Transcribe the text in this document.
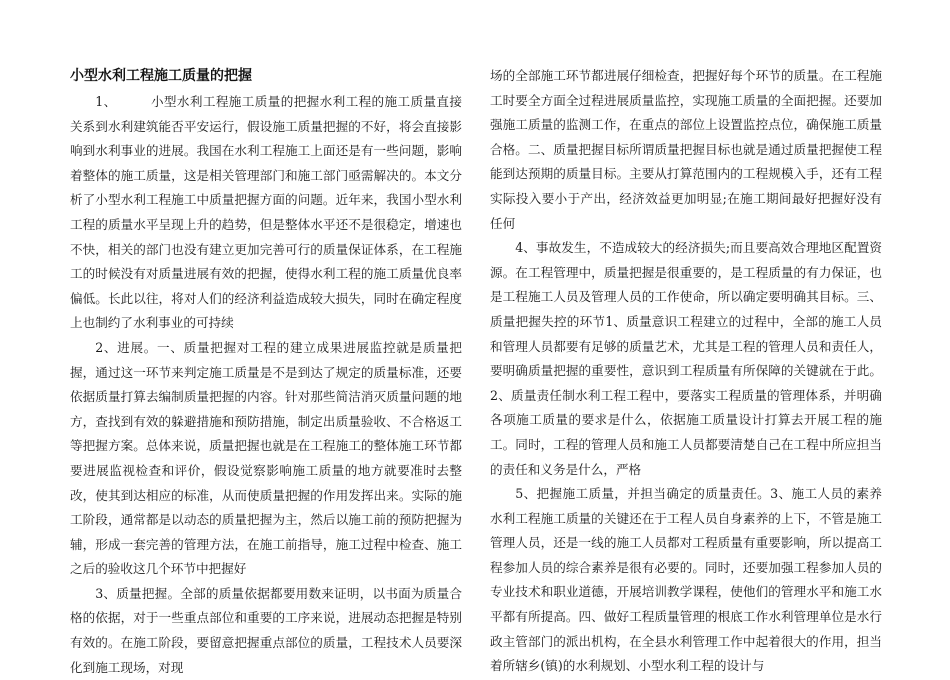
小型水利工程施工质量的把握

1、	小型水利工程施工质量的把握水利工程的施工质量直接关系到水利建筑能否平安运行，假设施工质量把握的不好，将会直接影响到水利事业的进展。我国在水利工程施工上面还是有一些问题，影响着整体的施工质量，这是相关管理部门和施工部门亟需解决的。本文分析了小型水利工程施工中质量把握方面的问题。近年来，我国小型水利工程的质量水平呈现上升的趋势，但是整体水平还不是很稳定，增速也不快，相关的部门也没有建立更加完善可行的质量保证体系，在工程施工的时候没有对质量进展有效的把握，使得水利工程的施工质量优良率偏低。长此以往，将对人们的经济利益造成较大损失，同时在确定程度上也制约了水利事业的可持续

2、进展。一、质量把握对工程的建立成果进展监控就是质量把握，通过这一环节来判定施工质量是不是到达了规定的质量标准，还要依据质量打算去编制质量把握的内容。针对那些简洁消灭质量问题的地方，查找到有效的躲避措施和预防措施，制定出质量验收、不合格返工等把握方案。总体来说，质量把握也就是在工程施工的整体施工环节都要进展监视检查和评价，假设觉察影响施工质量的地方就要准时去整改，使其到达相应的标准，从而使质量把握的作用发挥出来。实际的施工阶段，通常都是以动态的质量把握为主，然后以施工前的预防把握为辅，形成一套完善的管理方法，在施工前指导，施工过程中检查、施工之后的验收这几个环节中把握好

3、质量把握。全部的质量依据都要用数来证明，以书面为质量合格的依据，对于一些重点部位和重要的工序来说，进展动态把握是特别有效的。在施工阶段，要留意把握重点部位的质量，工程技术人员要深化到施工现场，对现

场的全部施工环节都进展仔细检查，把握好每个环节的质量。在工程施工时要全方面全过程进展质量监控，实现施工质量的全面把握。还要加强施工质量的监测工作，在重点的部位上设置监控点位，确保施工质量合格。二、质量把握目标所谓质量把握目标也就是通过质量把握使工程能到达预期的质量目标。主要从打算范围内的工程规模入手，还有工程实际投入要小于产出，经济效益更加明显;在施工期间最好把握好没有任何

4、事故发生，不造成较大的经济损失;而且要高效合理地区配置资源。在工程管理中，质量把握是很重要的，是工程质量的有力保证，也是工程施工人员及管理人员的工作使命，所以确定要明确其目标。三、质量把握失控的环节1、质量意识工程建立的过程中，全部的施工人员和管理人员都要有足够的质量艺术，尤其是工程的管理人员和责任人，要明确质量把握的重要性，意识到工程质量有所保障的关键就在于此。2、质量责任制水利工程工程中，要落实工程质量的管理体系，并明确各项施工质量的要求是什么，依据施工质量设计打算去开展工程的施工。同时，工程的管理人员和施工人员都要清楚自己在工程中所应担当的责任和义务是什么，严格

5、把握施工质量，并担当确定的质量责任。3、施工人员的素养水利工程施工质量的关键还在于工程人员自身素养的上下，不管是施工管理人员，还是一线的施工人员都对工程质量有重要影响，所以提高工程参加人员的综合素养是很有必要的。同时，还要加强工程参加人员的专业技术和职业道德，开展培训教学课程，使他们的管理水平和施工水平都有所提高。四、做好工程质量管理的根底工作水利管理单位是水行政主管部门的派出机构，在全县水利管理工作中起着很大的作用，担当着所辖乡(镇)的水利规划、小型水利工程的设计与
